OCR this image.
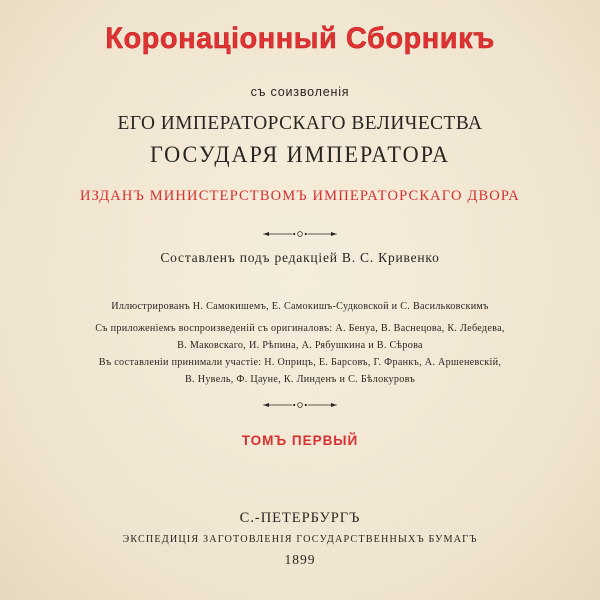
Коронаціонный Сборникъ
съ соизволенія
ЕГО ИМПЕРАТОРСКАГО ВЕЛИЧЕСТВА
ГОСУДАРЯ ИМПЕРАТОРА
ИЗДАНЪ МИНИСТЕРСТВОМЪ ИМПЕРАТОРСКАГО ДВОРА
Составленъ подъ редакціей В. С. Кривенко
Иллюстрированъ Н. Самокишемъ, Е. Самокишъ-Судковской и С. Васильковскимъ
Съ приложеніемъ воспроизведеній съ оригиналовъ: А. Бенуа, В. Васнецова, К. Лебедева,
В. Маковскаго, И. Рѣпина, А. Рябушкина и В. Сѣрова
Въ составленіи принимали участіе: Н. Оприцъ, Е. Барсовъ, Г. Франкъ, А. Аршеневскій,
В. Нувель, Ф. Цауне, К. Линденъ и С. Бѣлокуровъ
ТОМЪ ПЕРВЫЙ
С.-ПЕТЕРБУРГЪ
ЭКСПЕДИЦІЯ ЗАГОТОВЛЕНІЯ ГОСУДАРСТВЕННЫХЪ БУМАГЪ
1899
